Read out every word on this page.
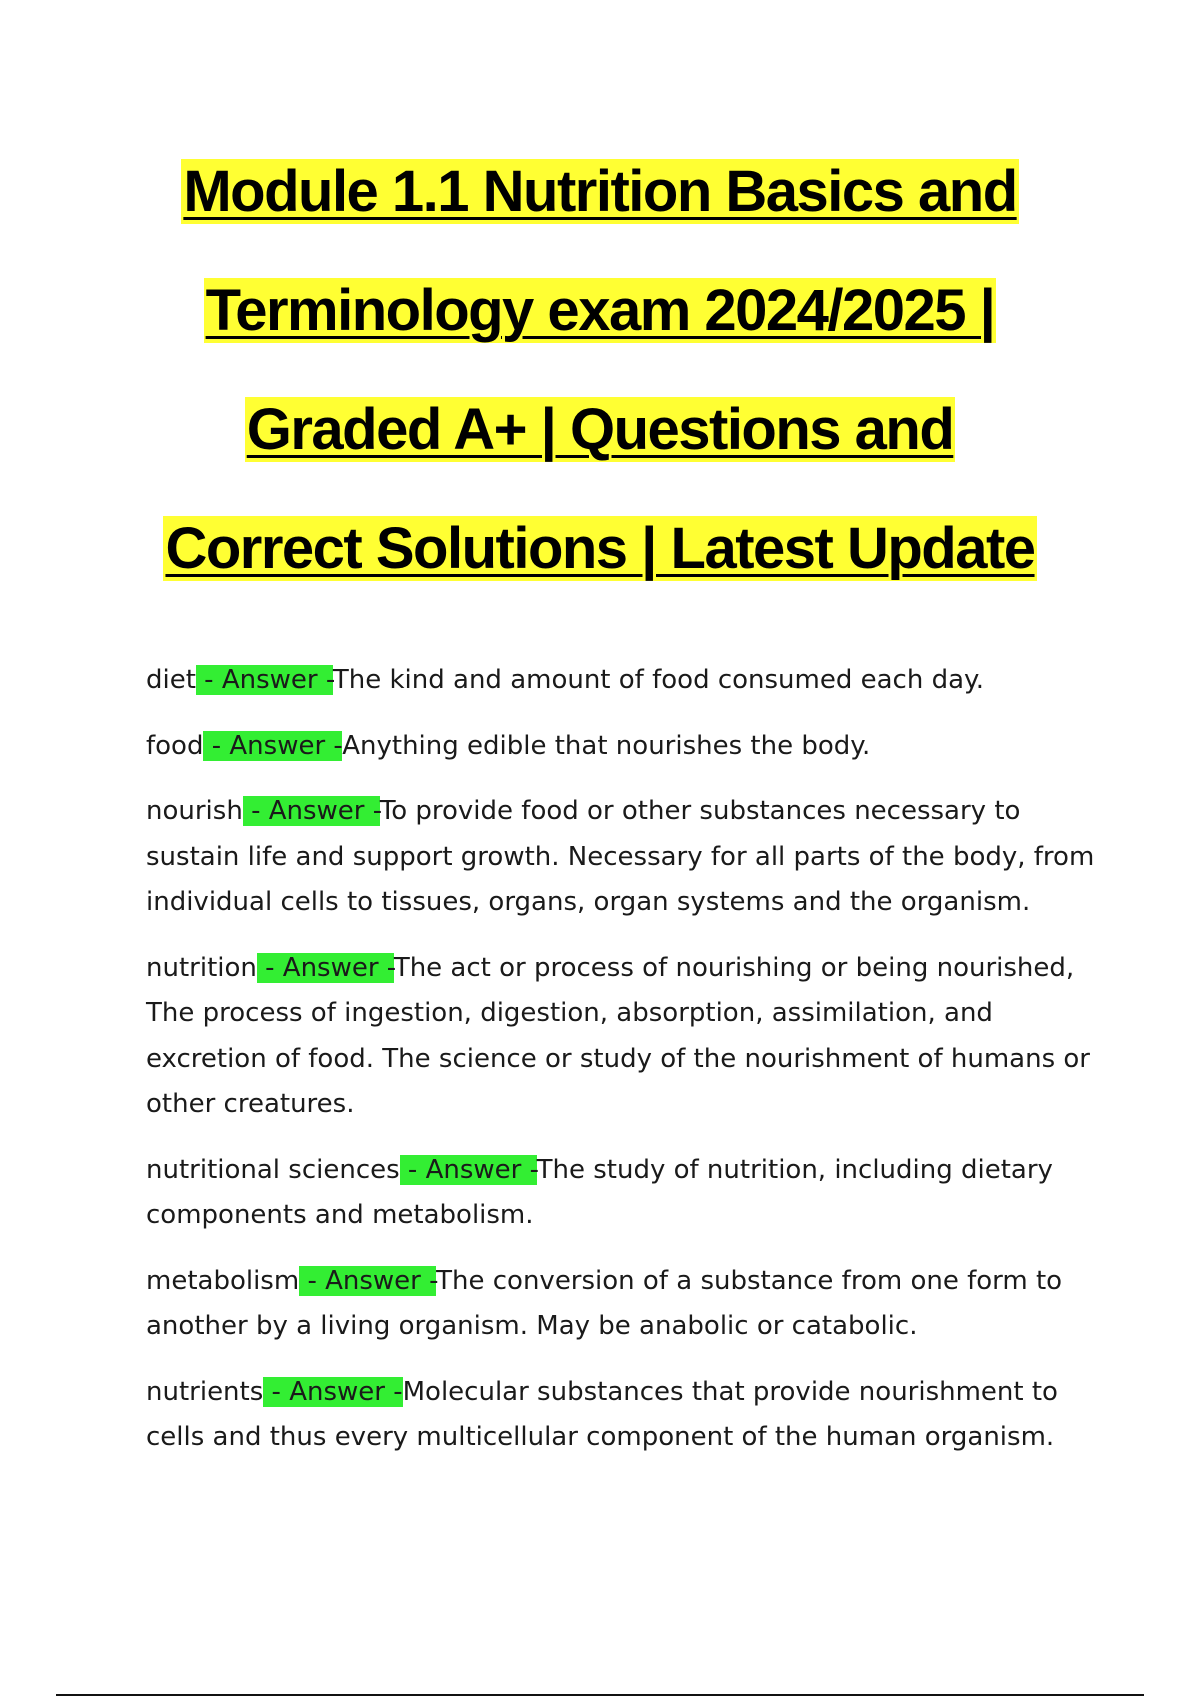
Module 1.1 Nutrition Basics and
Terminology exam 2024/2025 |
Graded A+ | Questions and
Correct Solutions | Latest Update

diet - Answer -The kind and amount of food consumed each day.

food - Answer -Anything edible that nourishes the body.

nourish - Answer -To provide food or other substances necessary to sustain life and support growth. Necessary for all parts of the body, from individual cells to tissues, organs, organ systems and the organism.

nutrition - Answer -The act or process of nourishing or being nourished, The process of ingestion, digestion, absorption, assimilation, and excretion of food. The science or study of the nourishment of humans or other creatures.

nutritional sciences - Answer -The study of nutrition, including dietary components and metabolism.

metabolism - Answer -The conversion of a substance from one form to another by a living organism. May be anabolic or catabolic.

nutrients - Answer -Molecular substances that provide nourishment to cells and thus every multicellular component of the human organism.
